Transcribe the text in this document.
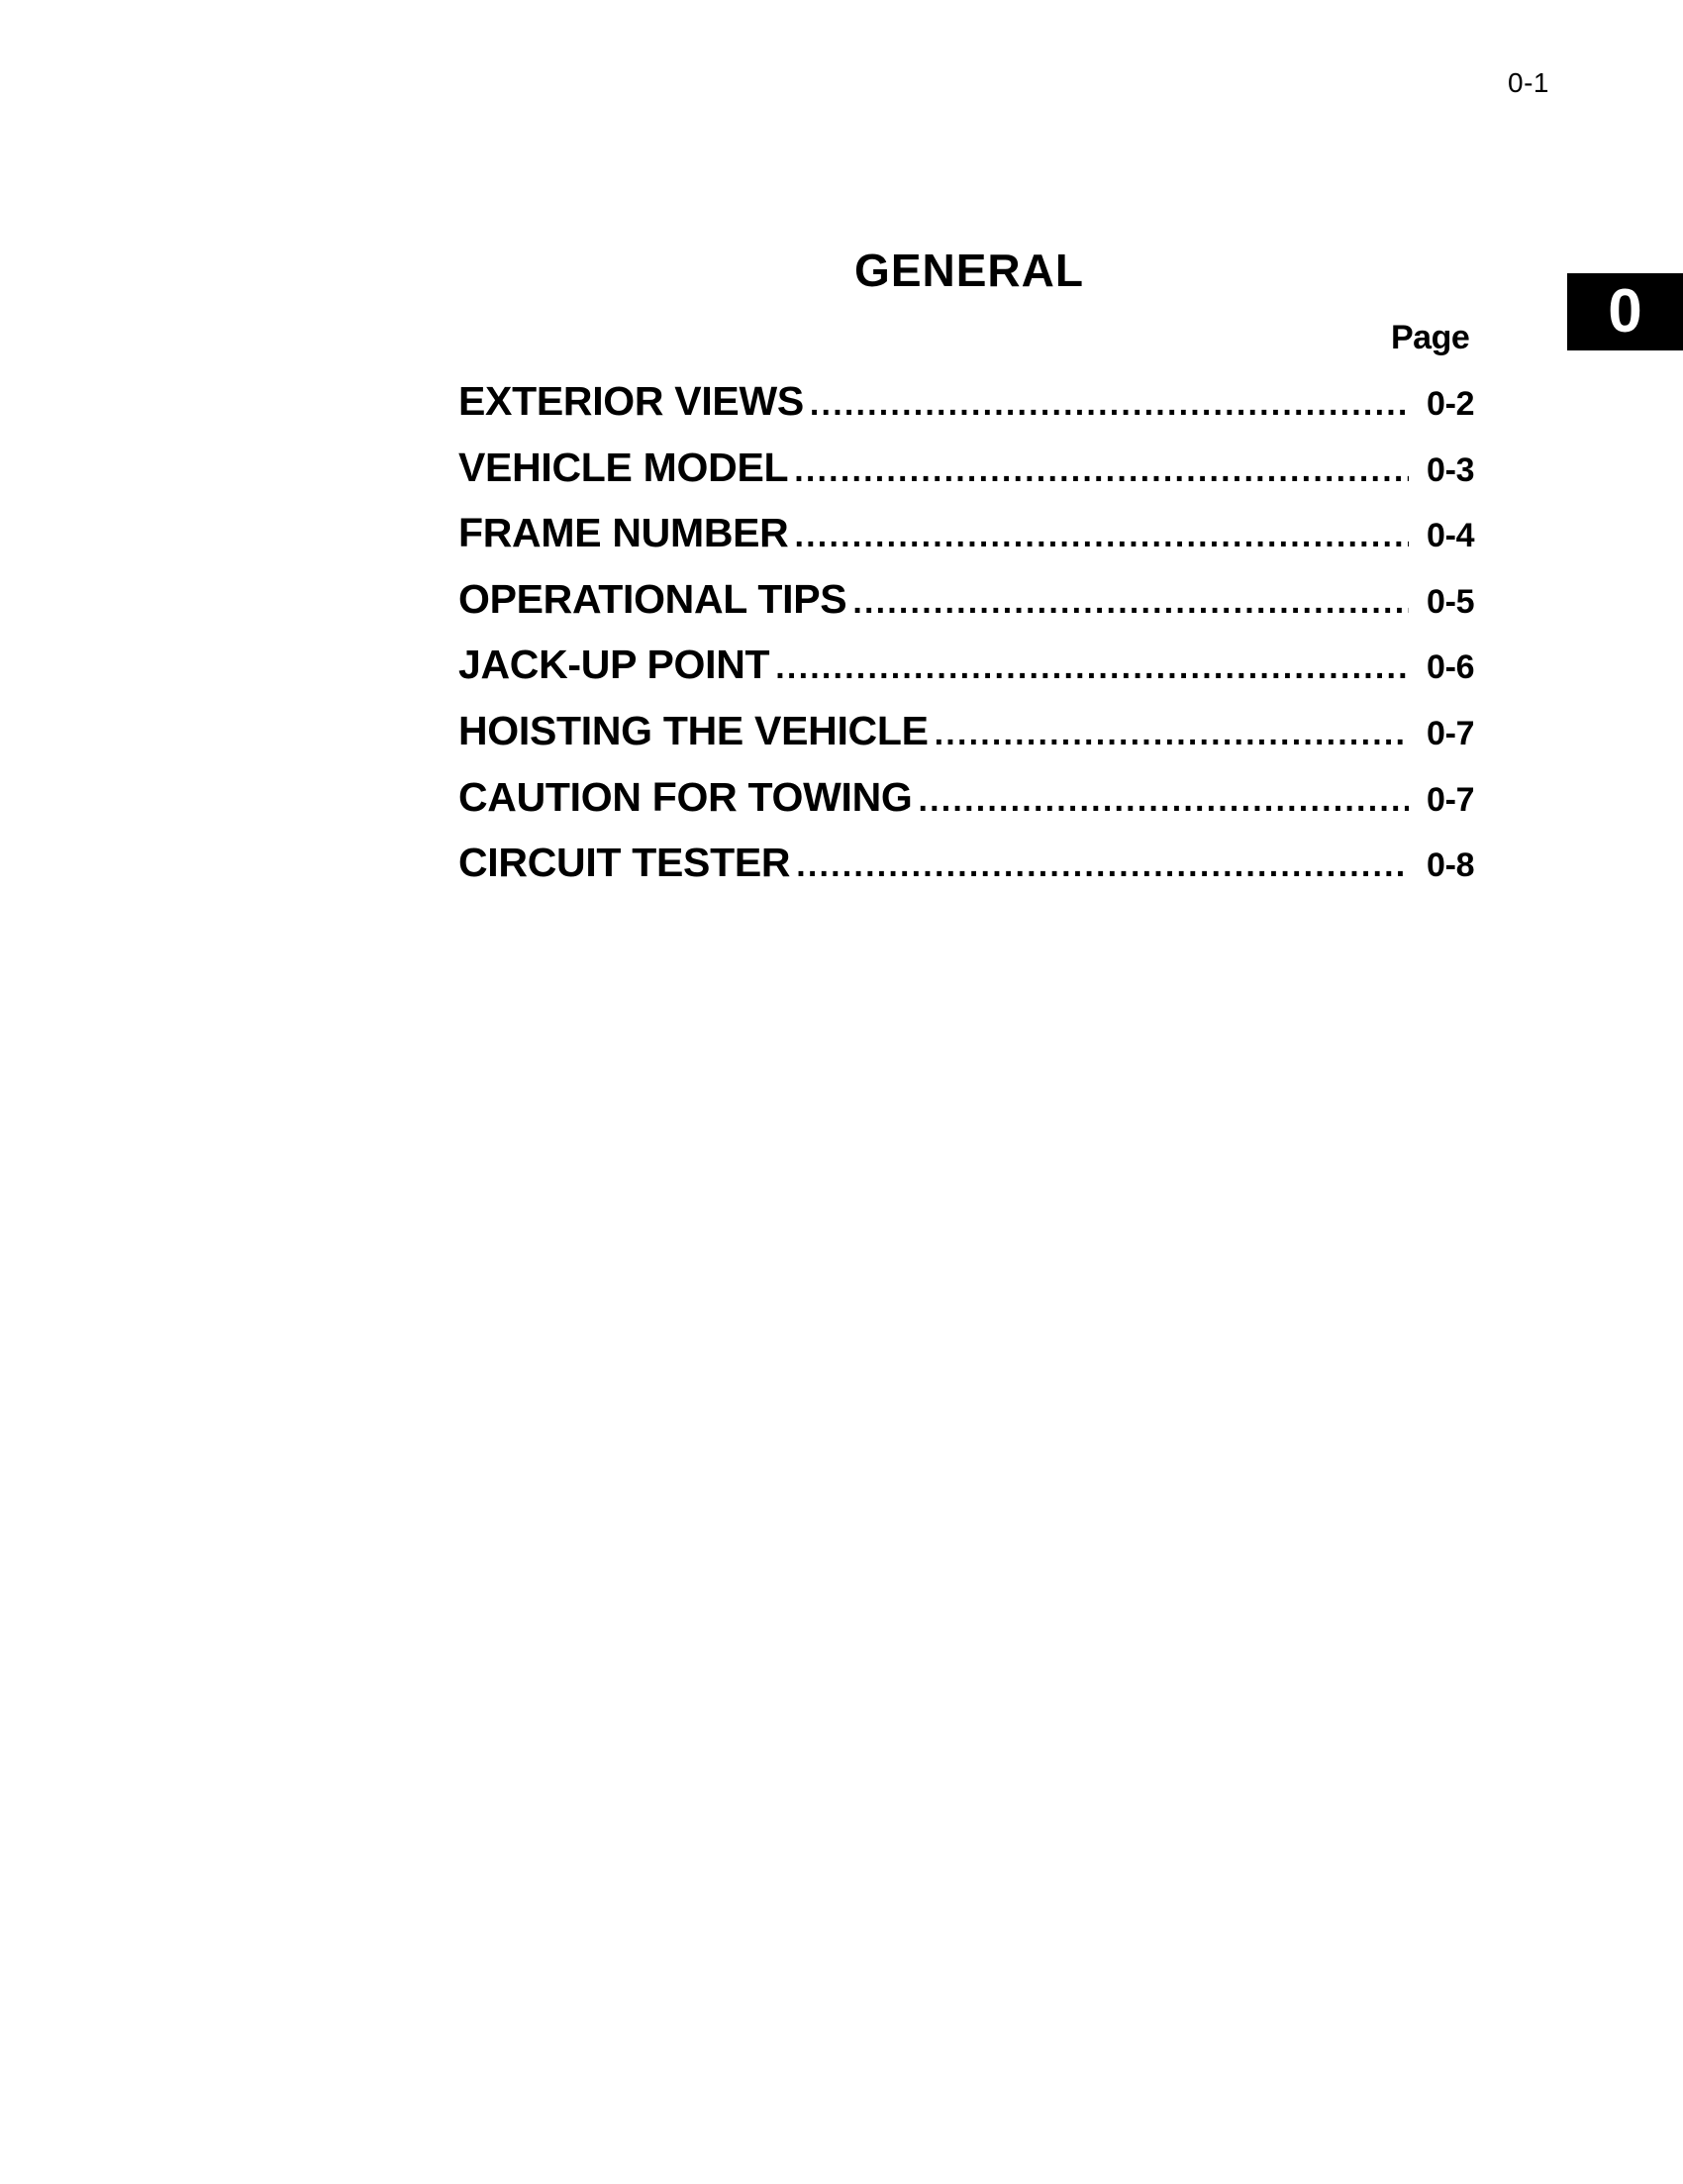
0-1
0
GENERAL
Page
EXTERIOR VIEWS .....	0-2
VEHICLE MODEL .....	0-3
FRAME NUMBER .....	0-4
OPERATIONAL TIPS .....	0-5
JACK-UP POINT .....	0-6
HOISTING THE VEHICLE .....	0-7
CAUTION FOR TOWING .....	0-7
CIRCUIT TESTER .....	0-8
